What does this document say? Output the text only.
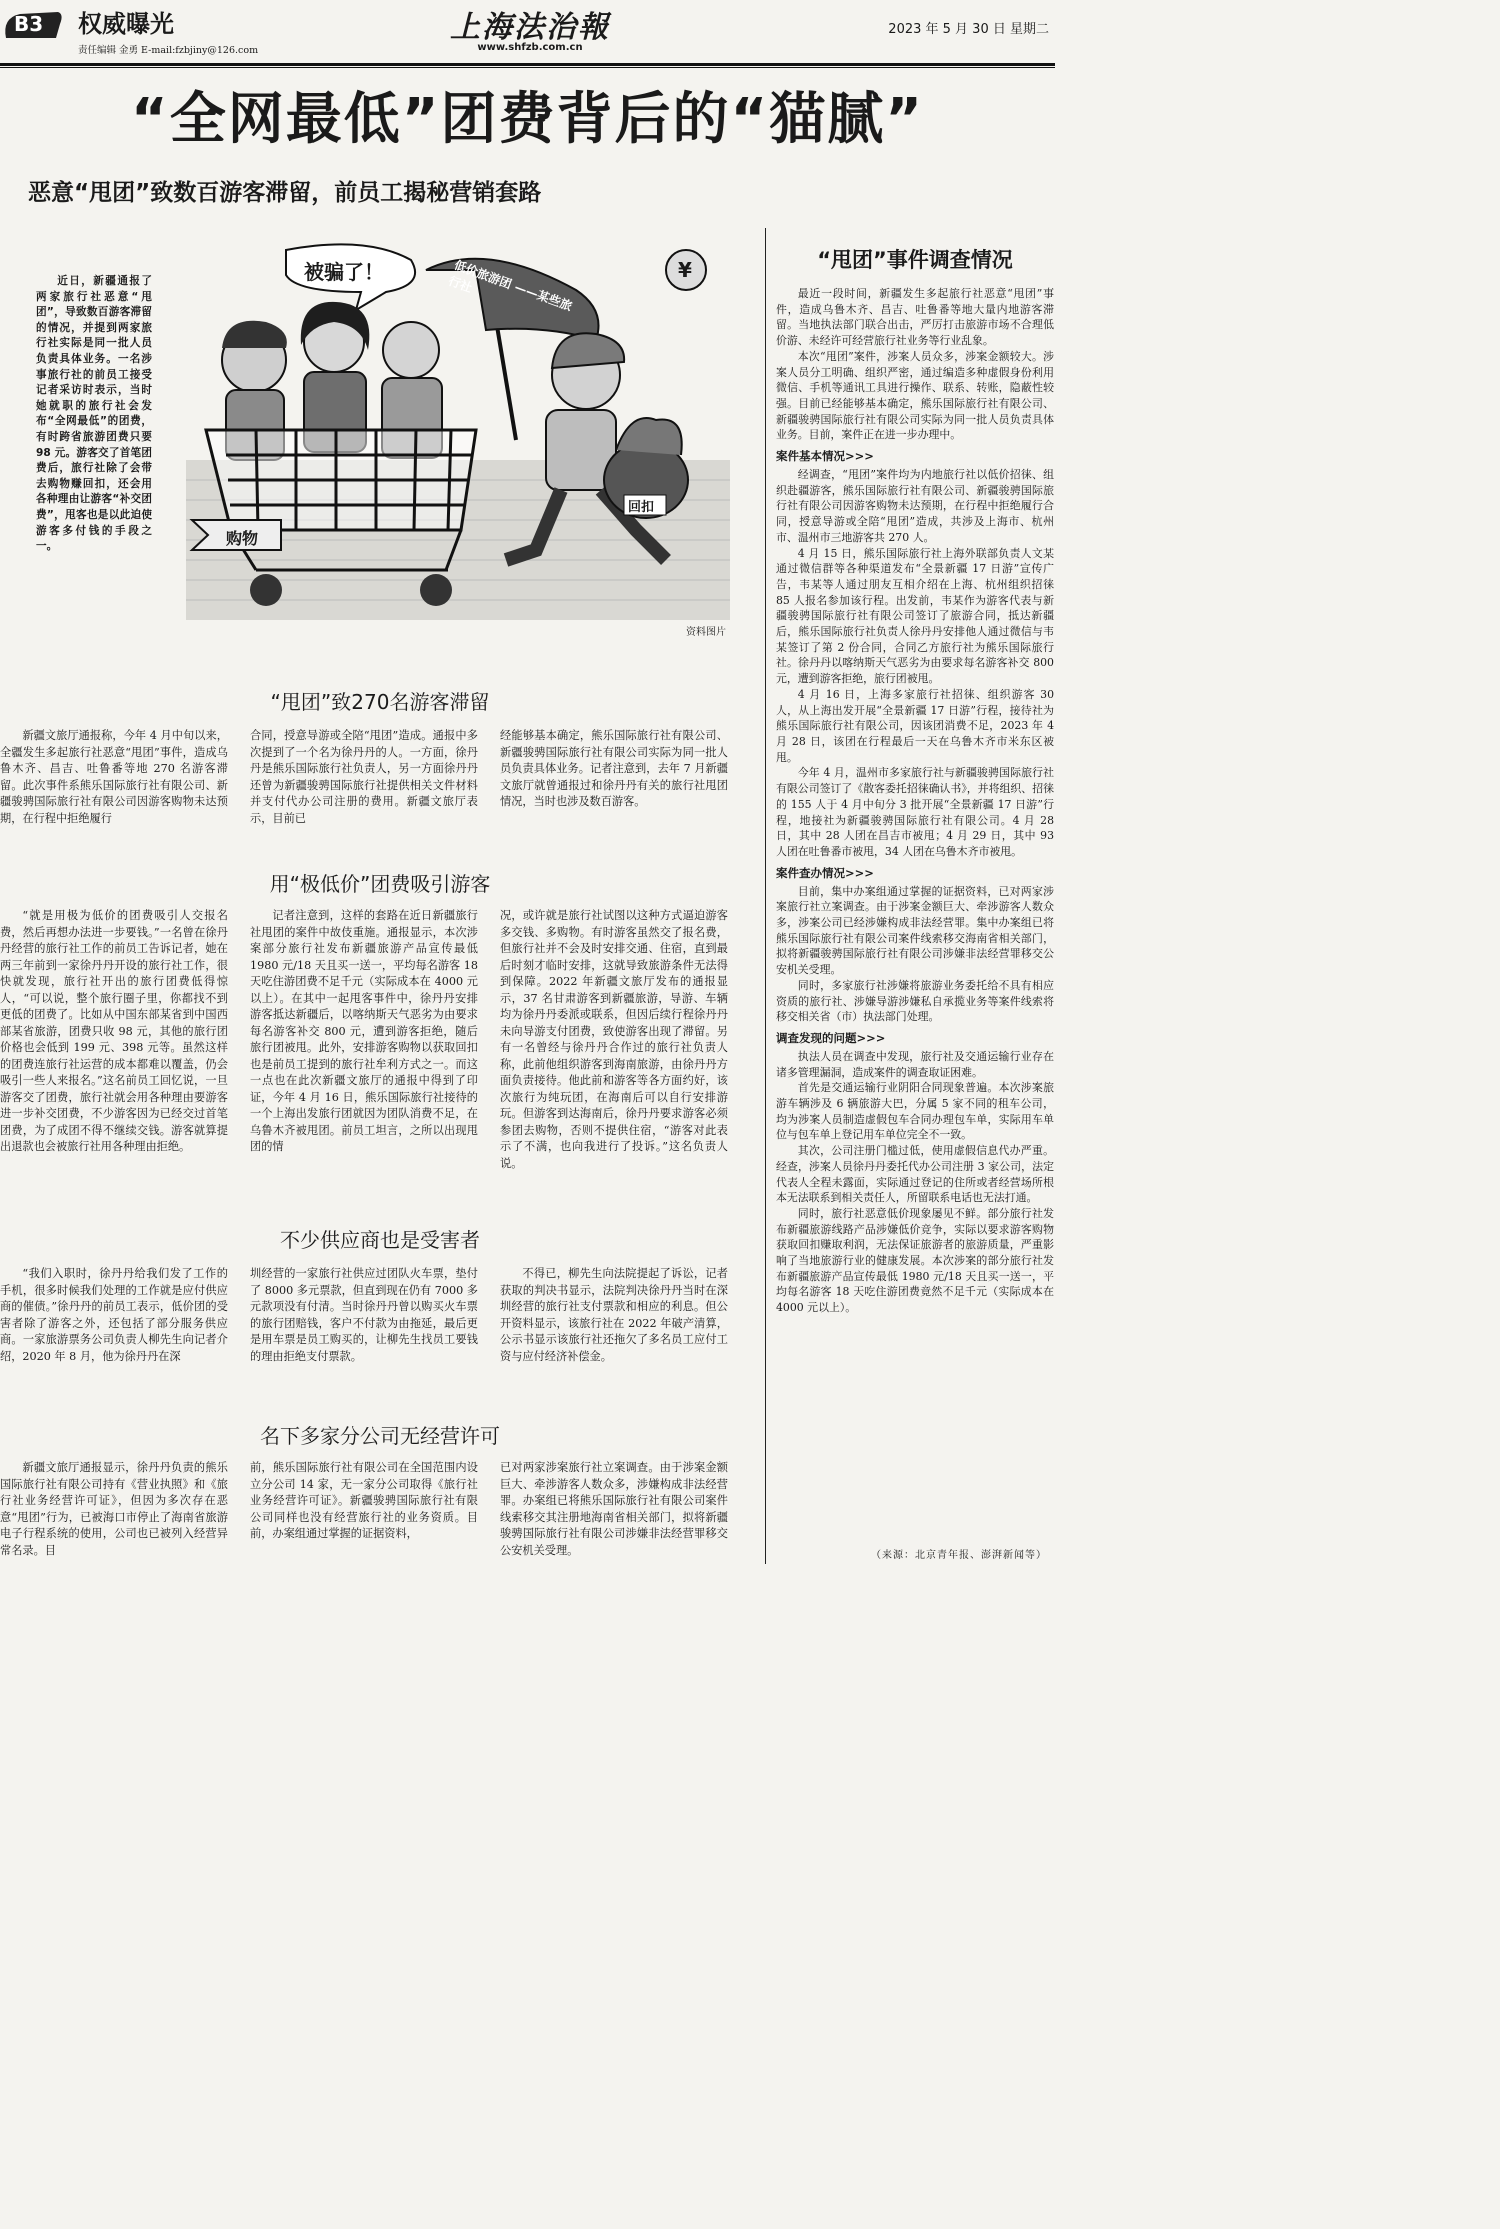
B3 权威曝光
责任编辑 金勇 E-mail:fzbjiny@126.com
上海法治報
www.shfzb.com.cn
2023 年 5 月 30 日 星期二
“全网最低”团费背后的“猫腻”
恶意“甩团”致数百游客滞留，前员工揭秘营销套路

近日，新疆通报了两家旅行社恶意“甩团”，导致数百游客滞留的情况，并提到两家旅行社实际是同一批人员负责具体业务。一名涉事旅行社的前员工接受记者采访时表示，当时她就职的旅行社会发布“全网最低”的团费，有时跨省旅游团费只要 98 元。游客交了首笔团费后，旅行社除了会带去购物赚回扣，还会用各种理由让游客“补交团费”，甩客也是以此迫使游客多付钱的手段之一。

被骗了！	低价旅游团 ——某些旅行社
购物
回扣
¥
资料图片
“甩团”致270名游客滞留

新疆文旅厅通报称，今年 4 月中旬以来，全疆发生多起旅行社恶意“甩团”事件，造成乌鲁木齐、昌吉、吐鲁番等地 270 名游客滞留。此次事件系熊乐国际旅行社有限公司、新疆骏骋国际旅行社有限公司因游客购物未达预期，在行程中拒绝履行

合同，授意导游或全陪“甩团”造成。通报中多次提到了一个名为徐丹丹的人。一方面，徐丹丹是熊乐国际旅行社负责人，另一方面徐丹丹还曾为新疆骏骋国际旅行社提供相关文件材料并支付代办公司注册的费用。新疆文旅厅表示，目前已

经能够基本确定，熊乐国际旅行社有限公司、新疆骏骋国际旅行社有限公司实际为同一批人员负责具体业务。记者注意到，去年 7 月新疆文旅厅就曾通报过和徐丹丹有关的旅行社甩团情况，当时也涉及数百游客。

用“极低价”团费吸引游客

“就是用极为低价的团费吸引人交报名费，然后再想办法进一步要钱。”一名曾在徐丹丹经营的旅行社工作的前员工告诉记者，她在两三年前到一家徐丹丹开设的旅行社工作，很快就发现，旅行社开出的旅行团费低得惊人，“可以说，整个旅行圈子里，你都找不到更低的团费了。比如从中国东部某省到中国西部某省旅游，团费只收 98 元，其他的旅行团价格也会低到 199 元、398 元等。虽然这样的团费连旅行社运营的成本都难以覆盖，仍会吸引一些人来报名。”这名前员工回忆说，一旦游客交了团费，旅行社就会用各种理由要游客进一步补交团费，不少游客因为已经交过首笔团费，为了成团不得不继续交钱。游客就算提出退款也会被旅行社用各种理由拒绝。

记者注意到，这样的套路在近日新疆旅行社甩团的案件中故伎重施。通报显示，本次涉案部分旅行社发布新疆旅游产品宣传最低 1980 元/18 天且买一送一，平均每名游客 18 天吃住游团费不足千元（实际成本在 4000 元以上）。在其中一起甩客事件中，徐丹丹安排游客抵达新疆后，以喀纳斯天气恶劣为由要求每名游客补交 800 元，遭到游客拒绝，随后旅行团被甩。此外，安排游客购物以获取回扣也是前员工提到的旅行社牟利方式之一。而这一点也在此次新疆文旅厅的通报中得到了印证，今年 4 月 16 日，熊乐国际旅行社接待的一个上海出发旅行团就因为团队消费不足，在乌鲁木齐被甩团。前员工坦言，之所以出现甩团的情

况，或许就是旅行社试图以这种方式逼迫游客多交钱、多购物。有时游客虽然交了报名费，但旅行社并不会及时安排交通、住宿，直到最后时刻才临时安排，这就导致旅游条件无法得到保障。2022 年新疆文旅厅发布的通报显示，37 名甘肃游客到新疆旅游，导游、车辆均为徐丹丹委派或联系，但因后续行程徐丹丹未向导游支付团费，致使游客出现了滞留。另有一名曾经与徐丹丹合作过的旅行社负责人称，此前他组织游客到海南旅游，由徐丹丹方面负责接待。他此前和游客等各方面约好，该次旅行为纯玩团，在海南后可以自行安排游玩。但游客到达海南后，徐丹丹要求游客必须参团去购物，否则不提供住宿，“游客对此表示了不满，也向我进行了投诉。”这名负责人说。

不少供应商也是受害者

“我们入职时，徐丹丹给我们发了工作的手机，很多时候我们处理的工作就是应付供应商的催债。”徐丹丹的前员工表示，低价团的受害者除了游客之外，还包括了部分服务供应商。一家旅游票务公司负责人柳先生向记者介绍，2020 年 8 月，他为徐丹丹在深

圳经营的一家旅行社供应过团队火车票，垫付了 8000 多元票款，但直到现在仍有 7000 多元款项没有付清。当时徐丹丹曾以购买火车票的旅行团赔钱，客户不付款为由拖延，最后更是用车票是员工购买的，让柳先生找员工要钱的理由拒绝支付票款。

不得已，柳先生向法院提起了诉讼，记者获取的判决书显示，法院判决徐丹丹当时在深圳经营的旅行社支付票款和相应的利息。但公开资料显示，该旅行社在 2022 年破产清算，公示书显示该旅行社还拖欠了多名员工应付工资与应付经济补偿金。

名下多家分公司无经营许可

新疆文旅厅通报显示，徐丹丹负责的熊乐国际旅行社有限公司持有《营业执照》和《旅行社业务经营许可证》，但因为多次存在恶意“甩团”行为，已被海口市停止了海南省旅游电子行程系统的使用，公司也已被列入经营异常名录。目

前，熊乐国际旅行社有限公司在全国范围内设立分公司 14 家，无一家分公司取得《旅行社业务经营许可证》。新疆骏骋国际旅行社有限公司同样也没有经营旅行社的业务资质。目前，办案组通过掌握的证据资料，

已对两家涉案旅行社立案调查。由于涉案金额巨大、牵涉游客人数众多，涉嫌构成非法经营罪。办案组已将熊乐国际旅行社有限公司案件线索移交其注册地海南省相关部门，拟将新疆骏骋国际旅行社有限公司涉嫌非法经营罪移交公安机关受理。

“甩团”事件调查情况

最近一段时间，新疆发生多起旅行社恶意“甩团”事件，造成乌鲁木齐、昌吉、吐鲁番等地大量内地游客滞留。当地执法部门联合出击，严厉打击旅游市场不合理低价游、未经许可经营旅行社业务等行业乱象。

本次“甩团”案件，涉案人员众多，涉案金额较大。涉案人员分工明确、组织严密，通过编造多种虚假身份利用微信、手机等通讯工具进行操作、联系、转账，隐蔽性较强。目前已经能够基本确定，熊乐国际旅行社有限公司、新疆骏骋国际旅行社有限公司实际为同一批人员负责具体业务。目前，案件正在进一步办理中。

案件基本情况>>>

经调查，“甩团”案件均为内地旅行社以低价招徕、组织赴疆游客，熊乐国际旅行社有限公司、新疆骏骋国际旅行社有限公司因游客购物未达预期，在行程中拒绝履行合同，授意导游或全陪“甩团”造成，共涉及上海市、杭州市、温州市三地游客共 270 人。

4 月 15 日，熊乐国际旅行社上海外联部负责人文某通过微信群等各种渠道发布“全景新疆 17 日游”宣传广告，韦某等人通过朋友互相介绍在上海、杭州组织招徕 85 人报名参加该行程。出发前，韦某作为游客代表与新疆骏骋国际旅行社有限公司签订了旅游合同，抵达新疆后，熊乐国际旅行社负责人徐丹丹安排他人通过微信与韦某签订了第 2 份合同，合同乙方旅行社为熊乐国际旅行社。徐丹丹以喀纳斯天气恶劣为由要求每名游客补交 800 元，遭到游客拒绝，旅行团被甩。

4 月 16 日，上海多家旅行社招徕、组织游客 30 人，从上海出发开展“全景新疆 17 日游”行程，接待社为熊乐国际旅行社有限公司，因该团消费不足，2023 年 4 月 28 日，该团在行程最后一天在乌鲁木齐市米东区被甩。

今年 4 月，温州市多家旅行社与新疆骏骋国际旅行社有限公司签订了《散客委托招徕确认书》，并将组织、招徕的 155 人于 4 月中旬分 3 批开展“全景新疆 17 日游”行程，地接社为新疆骏骋国际旅行社有限公司。4 月 28 日，其中 28 人团在昌吉市被甩；4 月 29 日，其中 93 人团在吐鲁番市被甩，34 人团在乌鲁木齐市被甩。

案件查办情况>>>

目前，集中办案组通过掌握的证据资料，已对两家涉案旅行社立案调查。由于涉案金额巨大、牵涉游客人数众多，涉案公司已经涉嫌构成非法经营罪。集中办案组已将熊乐国际旅行社有限公司案件线索移交海南省相关部门，拟将新疆骏骋国际旅行社有限公司涉嫌非法经营罪移交公安机关受理。

同时，多家旅行社涉嫌将旅游业务委托给不具有相应资质的旅行社、涉嫌导游涉嫌私自承揽业务等案件线索将移交相关省（市）执法部门处理。

调查发现的问题>>>

执法人员在调查中发现，旅行社及交通运输行业存在诸多管理漏洞，造成案件的调查取证困难。

首先是交通运输行业阴阳合同现象普遍。本次涉案旅游车辆涉及 6 辆旅游大巴，分属 5 家不同的租车公司，均为涉案人员制造虚假包车合同办理包车单，实际用车单位与包车单上登记用车单位完全不一致。

其次，公司注册门槛过低，使用虚假信息代办严重。经查，涉案人员徐丹丹委托代办公司注册 3 家公司，法定代表人全程未露面，实际通过登记的住所或者经营场所根本无法联系到相关责任人，所留联系电话也无法打通。

同时，旅行社恶意低价现象屡见不鲜。部分旅行社发布新疆旅游线路产品涉嫌低价竞争，实际以要求游客购物获取回扣赚取利润，无法保证旅游者的旅游质量，严重影响了当地旅游行业的健康发展。本次涉案的部分旅行社发布新疆旅游产品宣传最低 1980 元/18 天且买一送一，平均每名游客 18 天吃住游团费竟然不足千元（实际成本在 4000 元以上）。

（来源：北京青年报、澎湃新闻等）
